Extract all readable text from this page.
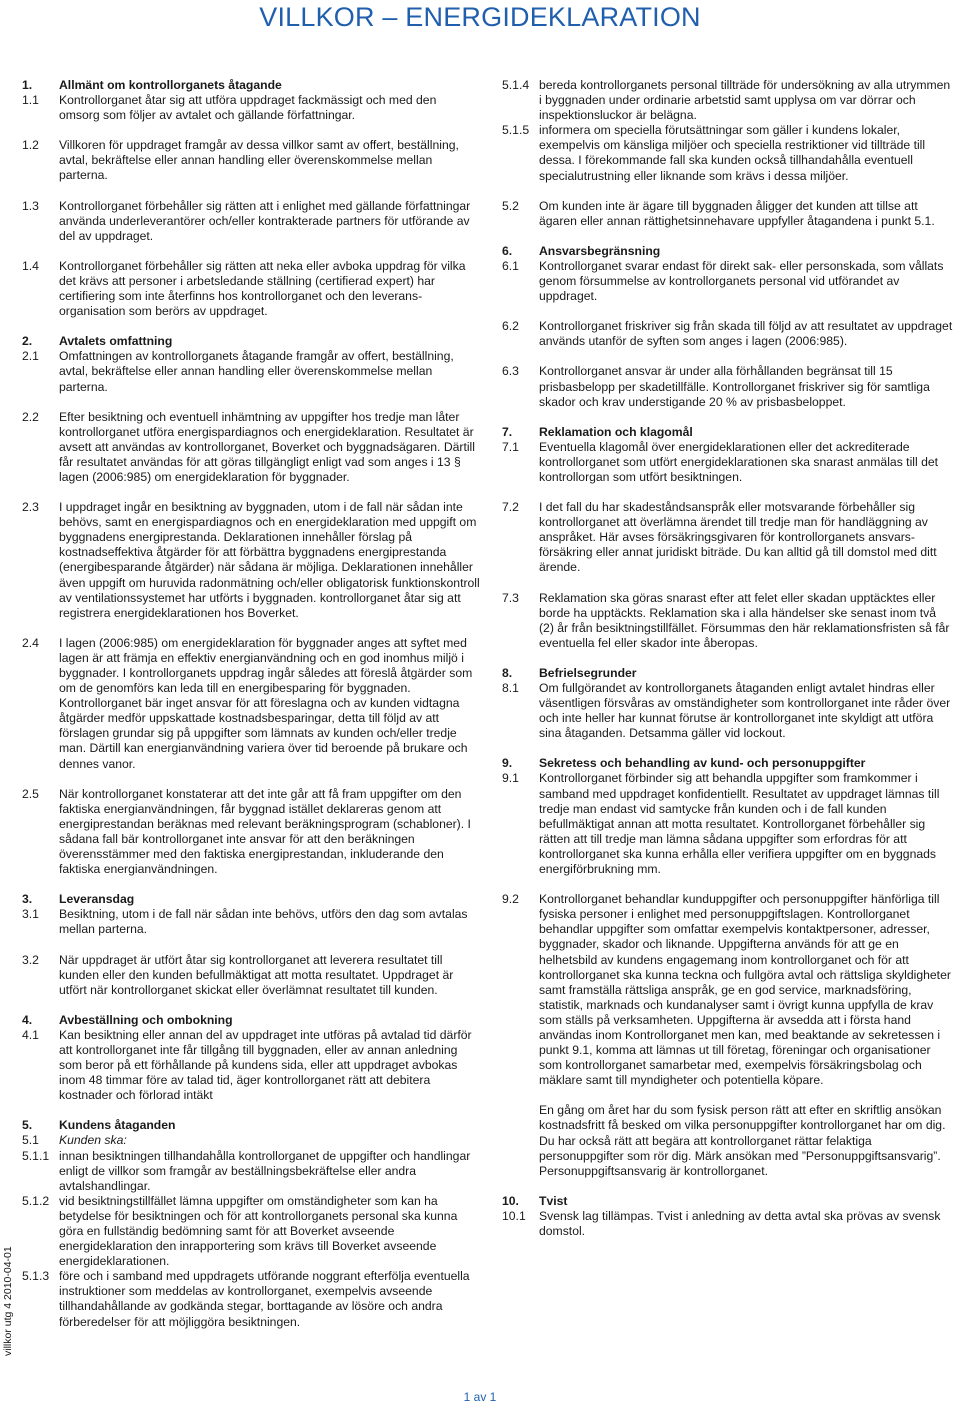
VILLKOR – ENERGIDEKLARATION
1.	Allmänt om kontrollorganets åtagande
1.1	Kontrollorganet åtar sig att utföra uppdraget fackmässigt och med den omsorg som följer av avtalet och gällande författningar.
1.2	Villkoren för uppdraget framgår av dessa villkor samt av offert, beställning, avtal, bekräftelse eller annan handling eller överenskommelse mellan parterna.
1.3	Kontrollorganet förbehåller sig rätten att i enlighet med gällande författningar använda underleverantörer och/eller kontrakterade partners för utförande av del av uppdraget.
1.4	Kontrollorganet förbehåller sig rätten att neka eller avboka uppdrag för vilka det krävs att personer i arbetsledande ställning (certifierad expert) har certifiering som inte återfinns hos kontrollorganet och den leveransorganisation som berörs av uppdraget.
2.	Avtalets omfattning
2.1	Omfattningen av kontrollorganets åtagande framgår av offert, beställning, avtal, bekräftelse eller annan handling eller överenskommelse mellan parterna.
2.2	Efter besiktning och eventuell inhämtning av uppgifter hos tredje man låter kontrollorganet utföra energispardiagnos och energideklaration. Resultatet är avsett att användas av kontrollorganet, Boverket och byggnadsägaren. Därtill får resultatet användas för att göras tillgängligt enligt vad som anges i 13 § lagen (2006:985) om energideklaration för byggnader.
2.3	I uppdraget ingår en besiktning av byggnaden, utom i de fall när sådan inte behövs, samt en energispardiagnos och en energideklaration med uppgift om byggnadens energiprestanda. Deklarationen innehåller förslag på kostnadseffektiva åtgärder för att förbättra byggnadens energiprestanda (energibesparande åtgärder) när sådana är möjliga. Deklarationen innehåller även uppgift om huruvida radonmätning och/eller obligatorisk funktionskontroll av ventilationssystemet har utförts i byggnaden. kontrollorganet åtar sig att registrera energideklarationen hos Boverket.
2.4	I lagen (2006:985) om energideklaration för byggnader anges att syftet med lagen är att främja en effektiv energianvändning och en god inomhus miljö i byggnader. I kontrollorganets uppdrag ingår således att föreslå åtgärder som om de genomförs kan leda till en energibesparing för byggnaden. Kontrollorganet bär inget ansvar för att föreslagna och av kunden vidtagna åtgärder medför uppskattade kostnadsbesparingar, detta till följd av att förslagen grundar sig på uppgifter som lämnats av kunden och/eller tredje man. Därtill kan energianvändning variera över tid beroende på brukare och dennes vanor.
2.5	När kontrollorganet konstaterar att det inte går att få fram uppgifter om den faktiska energianvändningen, får byggnad istället deklareras genom att energiprestandan beräknas med relevant beräkningsprogram (schabloner). I sådana fall bär kontrollorganet inte ansvar för att den beräkningen överensstämmer med den faktiska energiprestandan, inkluderande den faktiska energianvändningen.
3.	Leveransdag
3.1	Besiktning, utom i de fall när sådan inte behövs, utförs den dag som avtalas mellan parterna.
3.2	När uppdraget är utfört åtar sig kontrollorganet att leverera resultatet till kunden eller den kunden befullmäktigat att motta resultatet. Uppdraget är utfört när kontrollorganet skickat eller överlämnat resultatet till kunden.
4.	Avbeställning och ombokning
4.1	Kan besiktning eller annan del av uppdraget inte utföras på avtalad tid därför att kontrollorganet inte får tillgång till byggnaden, eller av annan anledning som beror på ett förhållande på kundens sida, eller att uppdraget avbokas inom 48 timmar före av talad tid, äger kontrollorganet rätt att debitera kostnader och förlorad intäkt
5.	Kundens åtaganden
5.1	Kunden ska:
5.1.1 innan besiktningen tillhandahålla kontrollorganet de uppgifter och handlingar enligt de villkor som framgår av beställningsbekräftelse eller andra avtalshandlingar.
5.1.2 vid besiktningstillfället lämna uppgifter om omständigheter som kan ha betydelse för besiktningen och för att kontrollorganets personal ska kunna göra en fullständig bedömning samt för att Boverket avseende energideklaration den inrapportering som krävs till Boverket avseende energideklarationen.
5.1.3 före och i samband med uppdragets utförande noggrant efterfölja eventuella instruktioner som meddelas av kontrollorganet, exempelvis avseende tillhandahållande av godkända stegar, borttagande av lösöre och andra förberedelser för att möjliggöra besiktningen.
5.1.4 bereda kontrollorganets personal tillträde för undersökning av alla utrymmen i byggnaden under ordinarie arbetstid samt upplysa om var dörrar och inspektionsluckor är belägna.
5.1.5 informera om speciella förutsättningar som gäller i kundens lokaler, exempelvis om känsliga miljöer och speciella restriktioner vid tillträde till dessa. I förekommande fall ska kunden också tillhandahålla eventuell specialutrustning eller liknande som krävs i dessa miljöer.
5.2	Om kunden inte är ägare till byggnaden åligger det kunden att tillse att ägaren eller annan rättighetsinnehavare uppfyller åtagandena i punkt 5.1.
6.	Ansvarsbegränsning
6.1	Kontrollorganet svarar endast för direkt sak- eller personskada, som vållats genom försummelse av kontrollorganets personal vid utförandet av uppdraget.
6.2	Kontrollorganet friskriver sig från skada till följd av att resultatet av uppdraget används utanför de syften som anges i lagen (2006:985).
6.3	Kontrollorganet ansvar är under alla förhållanden begränsat till 15 prisbasbelopp per skadetillfälle. Kontrollorganet friskriver sig för samtliga skador och krav understigande 20 % av prisbasbeloppet.
7.	Reklamation och klagomål
7.1	Eventuella klagomål över energideklarationen eller det ackrediterade kontrollorganet som utfört energideklarationen ska snarast anmälas till det kontrollorgan som utfört besiktningen.
7.2	I det fall du har skadeståndsanspråk eller motsvarande förbehåller sig kontrollorganet att överlämna ärendet till tredje man för handläggning av anspråket. Här avses försäkringsgivaren för kontrollorganets ansvarsförsäkring eller annat juridiskt biträde. Du kan alltid gå till domstol med ditt ärende.
7.3	Reklamation ska göras snarast efter att felet eller skadan upptäcktes eller borde ha upptäckts. Reklamation ska i alla händelser ske senast inom två (2) år från besiktningstillfället. Försummas den här reklamationsfristen så får eventuella fel eller skador inte åberopas.
8.	Befrielsegrunder
8.1	Om fullgörandet av kontrollorganets åtaganden enligt avtalet hindras eller väsentligen försvåras av omständigheter som kontrollorganet inte råder över och inte heller har kunnat förutse är kontrollorganet inte skyldigt att utföra sina åtaganden. Detsamma gäller vid lockout.
9.	Sekretess och behandling av kund- och personuppgifter
9.1	Kontrollorganet förbinder sig att behandla uppgifter som framkommer i samband med uppdraget konfidentiellt. Resultatet av uppdraget lämnas till tredje man endast vid samtycke från kunden och i de fall kunden befullmäktigat annan att motta resultatet. Kontrollorganet förbehåller sig rätten att till tredje man lämna sådana uppgifter som erfordras för att kontrollorganet ska kunna erhålla eller verifiera uppgifter om en byggnads energiförbrukning mm.
9.2	Kontrollorganet behandlar kunduppgifter och personuppgifter hänförliga till fysiska personer i enlighet med personuppgiftslagen. Kontrollorganet behandlar uppgifter som omfattar exempelvis kontaktpersoner, adresser, byggnader, skador och liknande. Uppgifterna används för att ge en helhetsbild av kundens engagemang inom kontrollorganet och för att kontrollorganet ska kunna teckna och fullgöra avtal och rättsliga skyldigheter samt framställa rättsliga anspråk, ge en god service, marknadsföring, statistik, marknads och kundanalyser samt i övrigt kunna uppfylla de krav som ställs på verksamheten. Uppgifterna är avsedda att i första hand användas inom Kontrollorganet men kan, med beaktande av sekretessen i punkt 9.1, komma att lämnas ut till företag, föreningar och organisationer som kontrollorganet samarbetar med, exempelvis försäkringsbolag och mäklare samt till myndigheter och potentiella köpare.
En gång om året har du som fysisk person rätt att efter en skriftlig ansökan kostnadsfritt få besked om vilka personuppgifter kontrollorganet har om dig. Du har också rätt att begära att kontrollorganet rättar felaktiga personuppgifter som rör dig. Märk ansökan med ”Personuppgiftsansvarig”. Personuppgiftsansvarig är kontrollorganet.
10.	Tvist
10.1	Svensk lag tillämpas. Tvist i anledning av detta avtal ska prövas av svensk domstol.
1 av 1
villkor utg 4 2010-04-01
